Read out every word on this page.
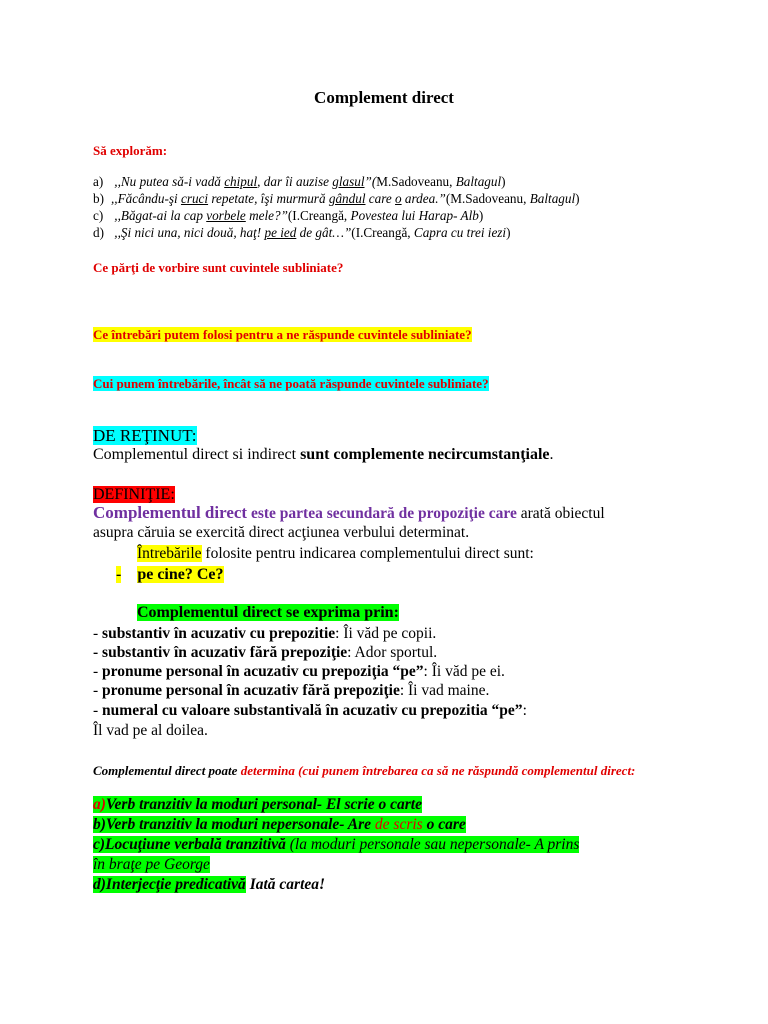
Complement direct
Să explorăm:
a) ,,Nu putea să-i vadă chipul, dar îi auzise glasul”(M.Sadoveanu, Baltagul)
b) ,,Făcându-şi cruci repetate, îşi murmură gândul care o ardea.”(M.Sadoveanu, Baltagul)
c) ,,Băgat-ai la cap vorbele mele?”(I.Creangă, Povestea lui Harap- Alb)
d) ,,Şi nici una, nici două, haţ! pe ied de gât…”(I.Creangă, Capra cu trei iezi)
Ce părţi de vorbire sunt cuvintele subliniate?
Ce întrebări putem folosi pentru a ne răspunde cuvintele subliniate?
Cui punem întrebările, încât să ne poată răspunde cuvintele subliniate?
DE REŢINUT:
Complementul direct si indirect sunt complemente necircumstanţiale.
DEFINIŢIE:
Complementul direct este partea secundară de propoziţie care arată obiectul
asupra căruia se exercită direct acţiunea verbului determinat.
Întrebările folosite pentru indicarea complementului direct sunt:
- pe cine? Ce?
Complementul direct se exprima prin:
- substantiv în acuzativ cu prepozitie: Îi văd pe copii.
- substantiv în acuzativ fără prepoziţie: Ador sportul.
- pronume personal în acuzativ cu prepoziţia “pe”: Îi văd pe ei.
- pronume personal în acuzativ fără prepoziţie: Îi vad maine.
- numeral cu valoare substantivală în acuzativ cu prepozitia “pe”:
Îl vad pe al doilea.
Complementul direct poate determina (cui punem întrebarea ca să ne răspundă complementul direct:
a)Verb tranzitiv la moduri personal- El scrie o carte
b)Verb tranzitiv la moduri nepersonale- Are de scris o care
c)Locuţiune verbală tranzitivă (la moduri personale sau nepersonale- A prins
în braţe pe George
d)Interjecţie predicativă Iată cartea!
